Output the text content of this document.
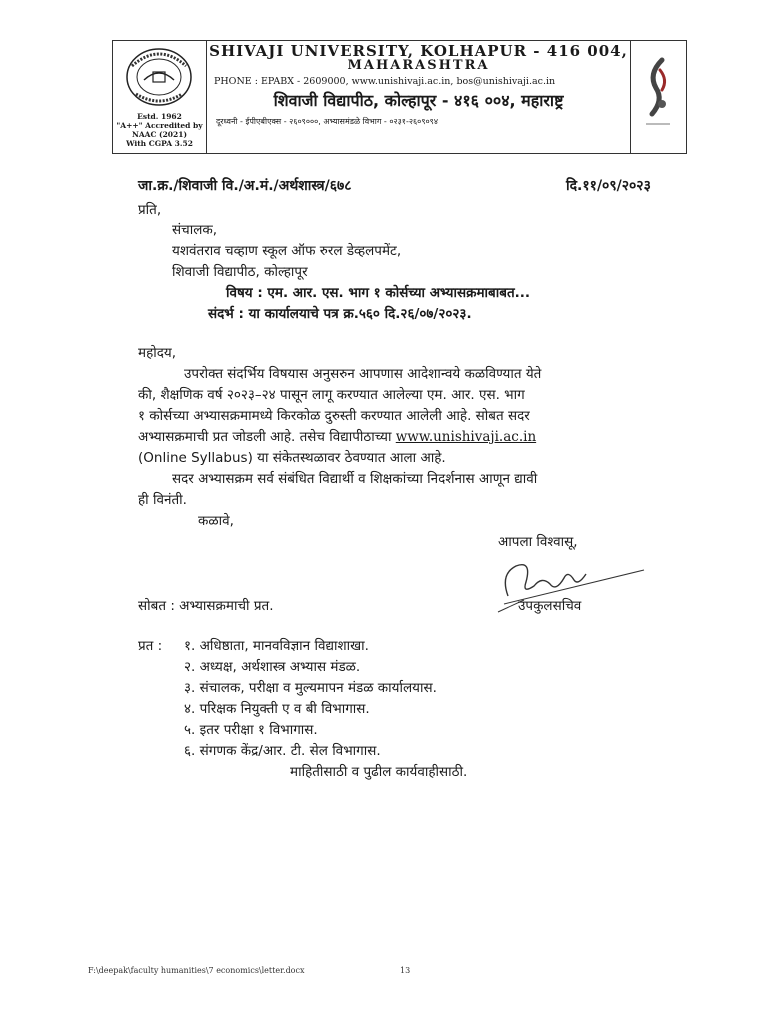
Estd. 1962
"A++" Accredited by
NAAC (2021)
With CGPA 3.52
SHIVAJI UNIVERSITY, KOLHAPUR - 416 004,
MAHARASHTRA
PHONE : EPABX - 2609000, www.unishivaji.ac.in, bos@unishivaji.ac.in
शिवाजी विद्यापीठ, कोल्हापूर - ४१६ ००४, महाराष्ट्र
दूरध्वनी - ईपीएबीएक्स - २६०९०००, अभ्यासमंडळे विभाग - ०२३१-२६०९०९४
जा.क्र./शिवाजी वि./अ.मं./अर्थशास्त्र/६७८	दि.११/०९/२०२३
प्रति,
संचालक,
यशवंतराव चव्हाण स्कूल ऑफ रुरल डेव्हलपमेंट,
शिवाजी विद्यापीठ, कोल्हापूर
विषय : एम. आर. एस. भाग १ कोर्सच्या अभ्यासक्रमाबाबत...
संदर्भ : या कार्यालयाचे पत्र क्र.५६० दि.२६/०७/२०२३.
महोदय,
उपरोक्त संदर्भिय विषयास अनुसरुन आपणास आदेशान्वये कळविण्यात येते
की, शैक्षणिक वर्ष २०२३–२४ पासून लागू करण्यात आलेल्या एम. आर. एस. भाग
१ कोर्सच्या अभ्यासक्रमामध्ये किरकोळ दुरुस्ती करण्यात आलेली आहे. सोबत सदर
अभ्यासक्रमाची प्रत जोडली आहे. तसेच विद्यापीठाच्या www.unishivaji.ac.in
(Online Syllabus) या संकेतस्थळावर ठेवण्यात आला आहे.
सदर अभ्यासक्रम सर्व संबंधित विद्यार्थी व शिक्षकांच्या निदर्शनास आणून द्यावी
ही विनंती.
कळावे,
आपला विश्वासू,
उपकुलसचिव
सोबत : अभ्यासक्रमाची प्रत.
प्रत : १. अधिष्ठाता, मानवविज्ञान विद्याशाखा.
२. अध्यक्ष, अर्थशास्त्र अभ्यास मंडळ.
३. संचालक, परीक्षा व मुल्यमापन मंडळ कार्यालयास.
४. परिक्षक नियुक्ती ए व बी विभागास.
५. इतर परीक्षा १ विभागास.
६. संगणक केंद्र/आर. टी. सेल विभागास.
माहितीसाठी व पुढील कार्यवाहीसाठी.
F:\deepak\faculty humanities\7 economics\letter.docx	13
